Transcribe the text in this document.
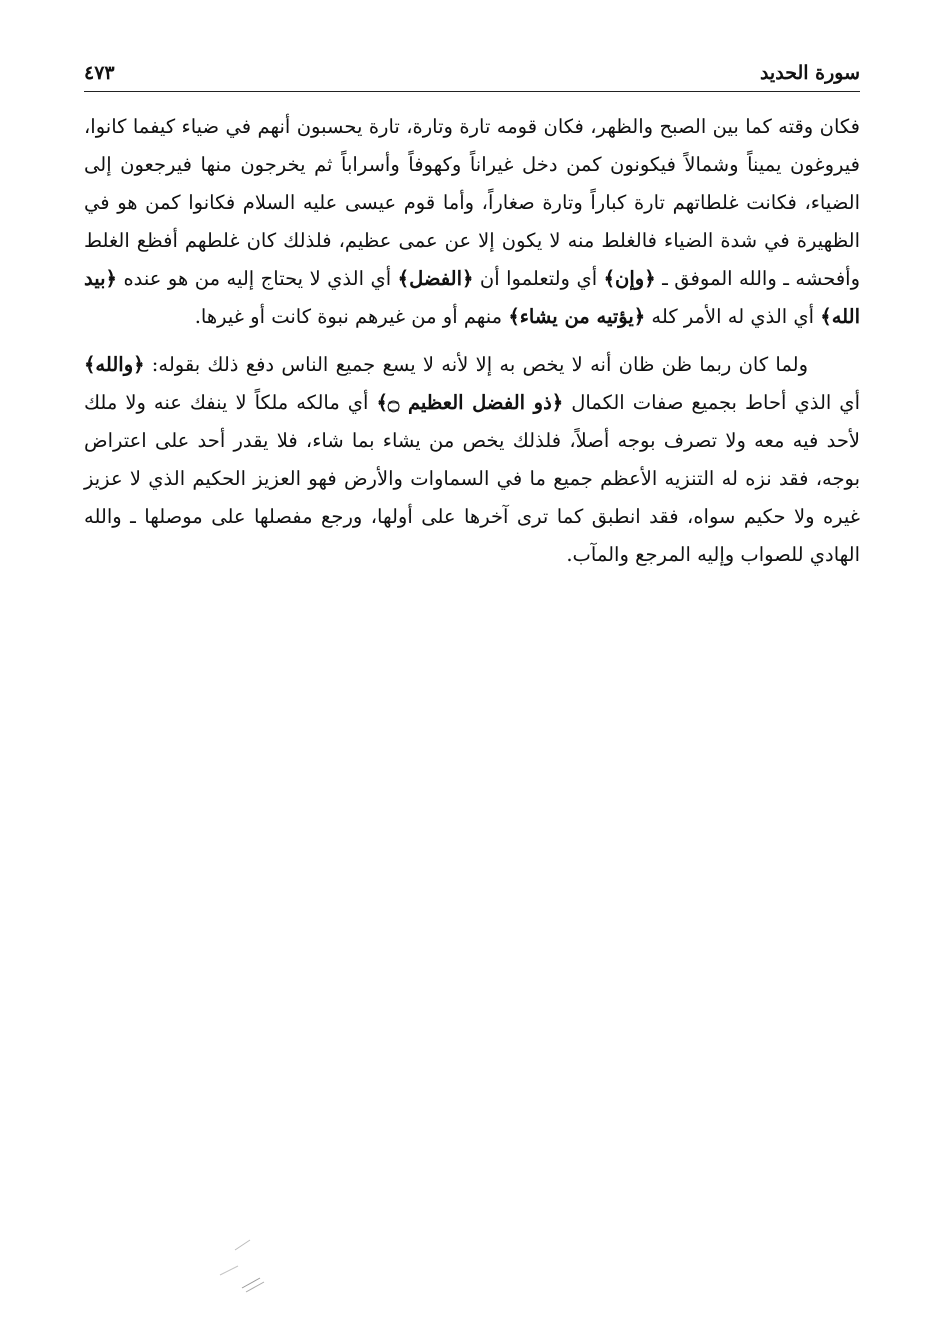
سورة الحديد
٤٧٣

فكان وقته كما بين الصبح والظهر، فكان قومه تارة وتارة، تارة يحسبون أنهم في ضياء كيفما كانوا، فيروغون يميناً وشمالاً فيكونون كمن دخل غيراناً وكهوفاً وأسراباً ثم يخرجون منها فيرجعون إلى الضياء، فكانت غلطاتهم تارة كباراً وتارة صغاراً، وأما قوم عيسى عليه السلام فكانوا كمن هو في الظهيرة في شدة الضياء فالغلط منه لا يكون إلا عن عمى عظيم، فلذلك كان غلطهم أفظع الغلط وأفحشه ـ والله الموفق ـ ﴿وإن﴾ أي ولتعلموا أن ﴿الفضل﴾ أي الذي لا يحتاج إليه من هو عنده ﴿بيد الله﴾ أي الذي له الأمر كله ﴿يؤتيه من يشاء﴾ منهم أو من غيرهم نبوة كانت أو غيرها.

ولما كان ربما ظن ظان أنه لا يخص به إلا لأنه لا يسع جميع الناس دفع ذلك بقوله: ﴿والله﴾ أي الذي أحاط بجميع صفات الكمال ﴿ذو الفضل العظيم ۝﴾ أي مالكه ملكاً لا ينفك عنه ولا ملك لأحد فيه معه ولا تصرف بوجه أصلاً، فلذلك يخص من يشاء بما شاء، فلا يقدر أحد على اعتراض بوجه، فقد نزه له التنزيه الأعظم جميع ما في السماوات والأرض فهو العزيز الحكيم الذي لا عزيز غيره ولا حكيم سواه، فقد انطبق كما ترى آخرها على أولها، ورجع مفصلها على موصلها ـ والله الهادي للصواب وإليه المرجع والمآب.
